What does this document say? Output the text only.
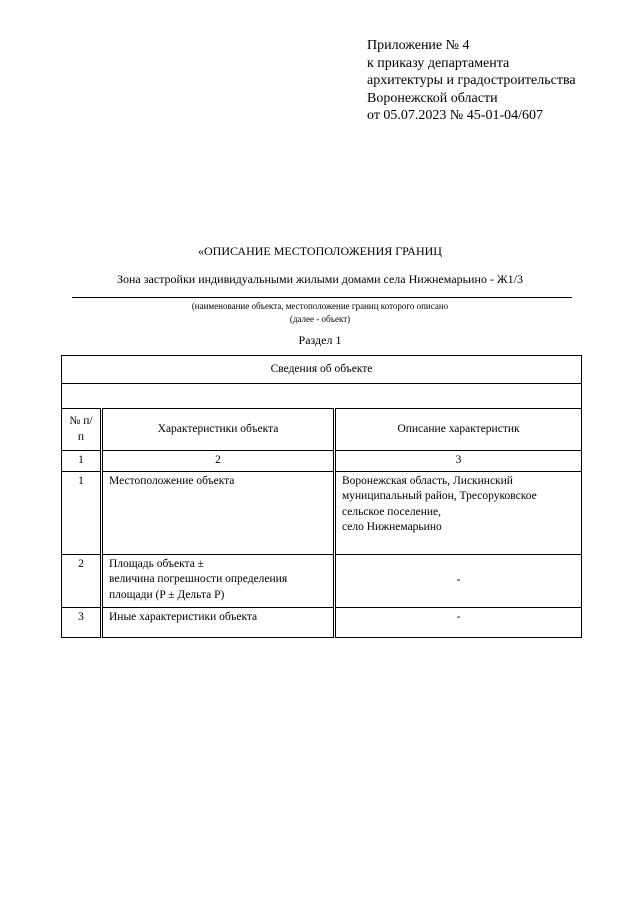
Приложение № 4
к приказу департамента
архитектуры и градостроительства
Воронежской области
от 05.07.2023 № 45-01-04/607
«ОПИСАНИЕ МЕСТОПОЛОЖЕНИЯ ГРАНИЦ
Зона застройки индивидуальными жилыми домами села Нижнемарьино - Ж1/3
(наименование объекта, местоположение границ которого описано
(далее - объект)
Раздел 1
Сведения об объекте		

№ п/п	Характеристики объекта	Описание характеристик
1	2	3
1	Местоположение объекта	Воронежская область, Лискинский
муниципальный район, Тресоруковское
сельское поселение,
село Нижнемарьино

2	Площадь объекта ±
величина погрешности определения
площади (P ± Дельта P)	-
3	Иные характеристики объекта	-
